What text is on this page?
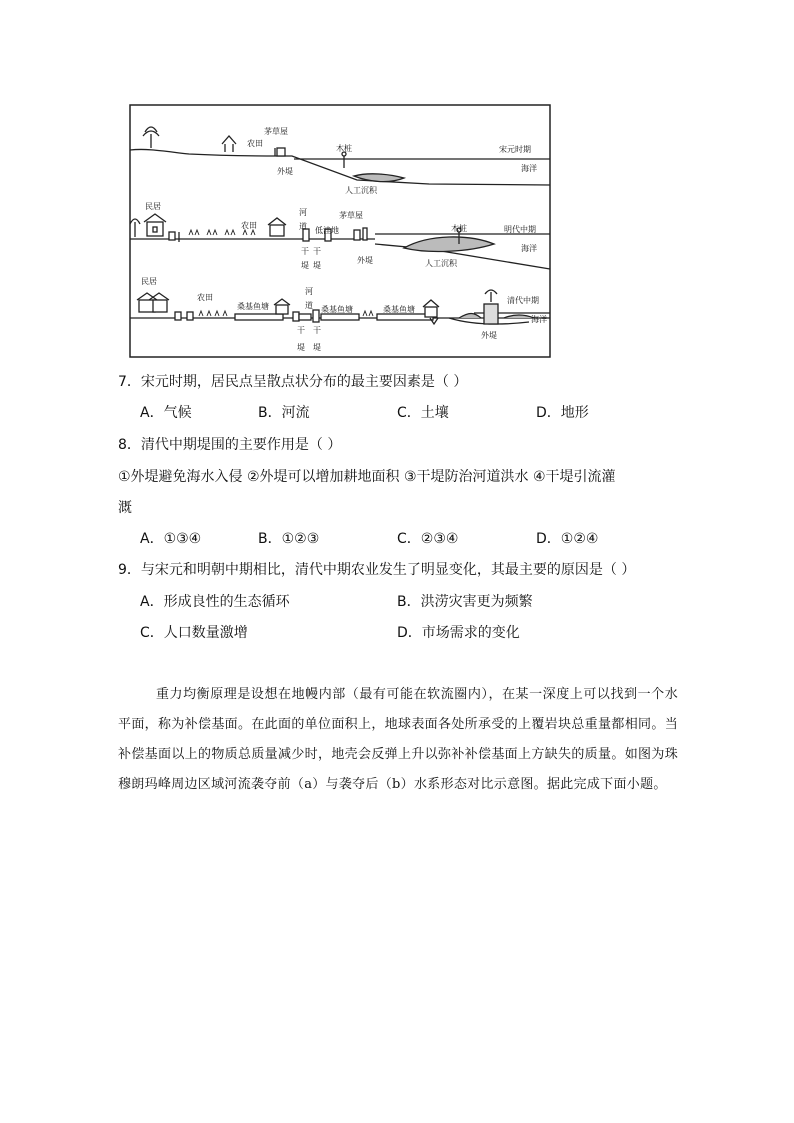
茅草屋
农田
外堤
木桩
人工沉积
宋元时期
海洋
民居
农田
河
道 低洼地
茅草屋
干
堤
干
堤
外堤
木桩
人工沉积
明代中期
海洋
民居
农田
桑基鱼塘
河
道 桑基鱼塘	桑基鱼塘
干
堤
干
堤
外堤
清代中期
海洋
7．宋元时期，居民点呈散点状分布的最主要因素是（ ）
A．气候	B．河流	C．土壤	D．地形
8．清代中期堤围的主要作用是（ ）
①外堤避免海水入侵 ②外堤可以增加耕地面积 ③干堤防治河道洪水 ④干堤引流灌
溉
A．①③④	B．①②③	C．②③④	D．①②④
9．与宋元和明朝中期相比，清代中期农业发生了明显变化，其最主要的原因是（ ）
A．形成良性的生态循环	B．洪涝灾害更为频繁
C．人口数量激增	D．市场需求的变化

重力均衡原理是设想在地幔内部（最有可能在软流圈内），在某一深度上可以找到一个水平面，称为补偿基面。在此面的单位面积上，地球表面各处所承受的上覆岩块总重量都相同。当补偿基面以上的物质总质量减少时，地壳会反弹上升以弥补补偿基面上方缺失的质量。如图为珠穆朗玛峰周边区域河流袭夺前（a）与袭夺后（b）水系形态对比示意图。据此完成下面小题。
